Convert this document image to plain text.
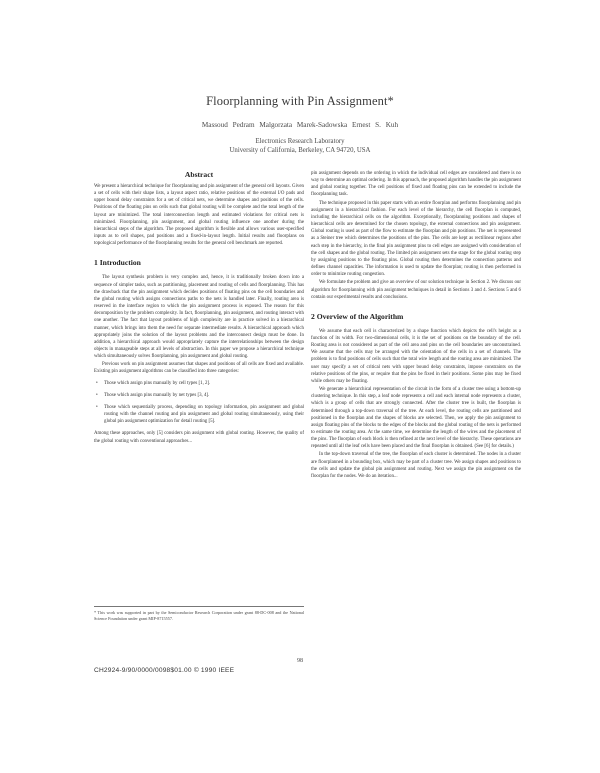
Floorplanning with Pin Assignment*
Massoud Pedram Malgorzata Marek-Sadowska Ernest S. Kuh
Electronics Research Laboratory
University of California, Berkeley, CA 94720, USA
Abstract

We present a hierarchical technique for floorplanning and pin assignment of the general cell layouts. Given a set of cells with their shape lists, a layout aspect ratio, relative positions of the external I/O pads and upper bound delay constraints for a set of critical nets, we determine shapes and positions of the cells. Positions of the floating pins on cells such that global routing will be complete and the total length of the layout are minimized. The total interconnection length and estimated violations for critical nets is minimized. Floorplanning, pin assignment, and global routing influence one another during the hierarchical steps of the algorithm. The proposed algorithm is flexible and allows various user-specified inputs as to cell shapes, pad positions and a fixed-in-layout length. Initial results and floorplans on topological performance of the floorplanning results for the general cell benchmark are reported.

1 Introduction

The layout synthesis problem is very complex and, hence, it is traditionally broken down into a sequence of simpler tasks, such as partitioning, placement and routing of cells and floorplanning. This has the drawback that the pin assignment which decides positions of floating pins on the cell boundaries and the global routing which assigns connections paths to the nets is handled later. Finally, routing area is reserved in the interface region to which the pin assignment process is exposed. The reason for this decomposition by the problem complexity. In fact, floorplanning, pin assignment, and routing interact with one another. The fact that layout problems of high complexity are in practice solved in a hierarchical manner, which brings into them the need for separate intermediate results. A hierarchical approach which appropriately joins the solution of the layout problems and the interconnect design must be done. In addition, a hierarchical approach would appropriately capture the interrelationships between the design objects in manageable steps at all levels of abstraction. In this paper we propose a hierarchical technique which simultaneously solves floorplanning, pin assignment and global routing.

Previous work on pin assignment assumes that shapes and positions of all cells are fixed and available. Existing pin assignment algorithms can be classified into three categories:

• Those which assign pins manually by cell types [1, 2].
• Those which assign pins manually by net types [3, 4].
• Those which sequentially process, depending on topology information, pin assignment and global routing with the channel routing and pin assignment and global routing simultaneously, using their global pin assignment optimization for detail routing [5].

Among these approaches, only [5] considers pin assignment with global routing. However, the quality of the global routing with conventional approaches...

* This work was supported in part by the Semiconductor Research Corporation under grant 88-DC-008 and the National Science Foundation under grant MIP-8715557.

pin assignment depends on the ordering in which the individual cell edges are considered and there is no way to determine an optimal ordering. In this approach, the proposed algorithm handles the pin assignment and global routing together. The cell positions of fixed and floating pins can be extended to include the floorplanning task.

The technique proposed in this paper starts with an entire floorplan and performs floorplanning and pin assignment in a hierarchical fashion. For each level of the hierarchy, the cell floorplan is computed, including the hierarchical cells on the algorithm. Exceptionally, floorplanning positions and shapes of hierarchical cells are determined for the chosen topology, the external connections and pin assignment. Global routing is used as part of the flow to estimate the floorplan and pin positions. The net is represented as a Steiner tree which determines the positions of the pins. The cells are kept as rectilinear regions after each step in the hierarchy, in the final pin assignment pins to cell edges are assigned with consideration of the cell shapes and the global routing. The limited pin assignment sets the stage for the global routing step by assigning positions to the floating pins. Global routing then determines the connection patterns and defines channel capacities. The information is used to update the floorplan; routing is then performed in order to minimize routing congestion.

We formulate the problem and give an overview of our solution technique in Section 2. We discuss our algorithm for floorplanning with pin assignment techniques in detail in Sections 3 and 4. Sections 5 and 6 contain our experimental results and conclusions.

2 Overview of the Algorithm

We assume that each cell is characterized by a shape function which depicts the cell's height as a function of its width. For two-dimensional cells, it is the set of positions on the boundary of the cell. Routing area is not considered as part of the cell area and pins on the cell boundaries are unconstrained. We assume that the cells may be arranged with the orientation of the cells in a set of channels. The problem is to find positions of cells such that the total wire length and the routing area are minimized. The user may specify a set of critical nets with upper bound delay constraints, impose constraints on the relative positions of the pins, or require that the pins be fixed in their positions. Some pins may be fixed while others may be floating.

We generate a hierarchical representation of the circuit in the form of a cluster tree using a bottom-up clustering technique. In this step, a leaf node represents a cell and each internal node represents a cluster, which is a group of cells that are strongly connected. After the cluster tree is built, the floorplan is determined through a top-down traversal of the tree. At each level, the routing cells are partitioned and positioned in the floorplan and the shapes of blocks are selected. Then, we apply the pin assignment to assign floating pins of the blocks to the edges of the blocks and the global routing of the nets is performed to estimate the routing area. At the same time, we determine the length of the wires and the placement of the pins. The floorplan of each block is then refined at the next level of the hierarchy. These operations are repeated until all the leaf cells have been placed and the final floorplan is obtained. (See [6] for details.)

In the top-down traversal of the tree, the floorplan of each cluster is determined. The nodes in a cluster are floorplanned in a bounding box, which may be part of a cluster tree. We assign shapes and positions to the cells and update the global pin assignment and routing. Next we assign the pin assignment on the floorplan for the nodes. We do an iteration...

98
CH2924-9/90/0000/0098$01.00 © 1990 IEEE
